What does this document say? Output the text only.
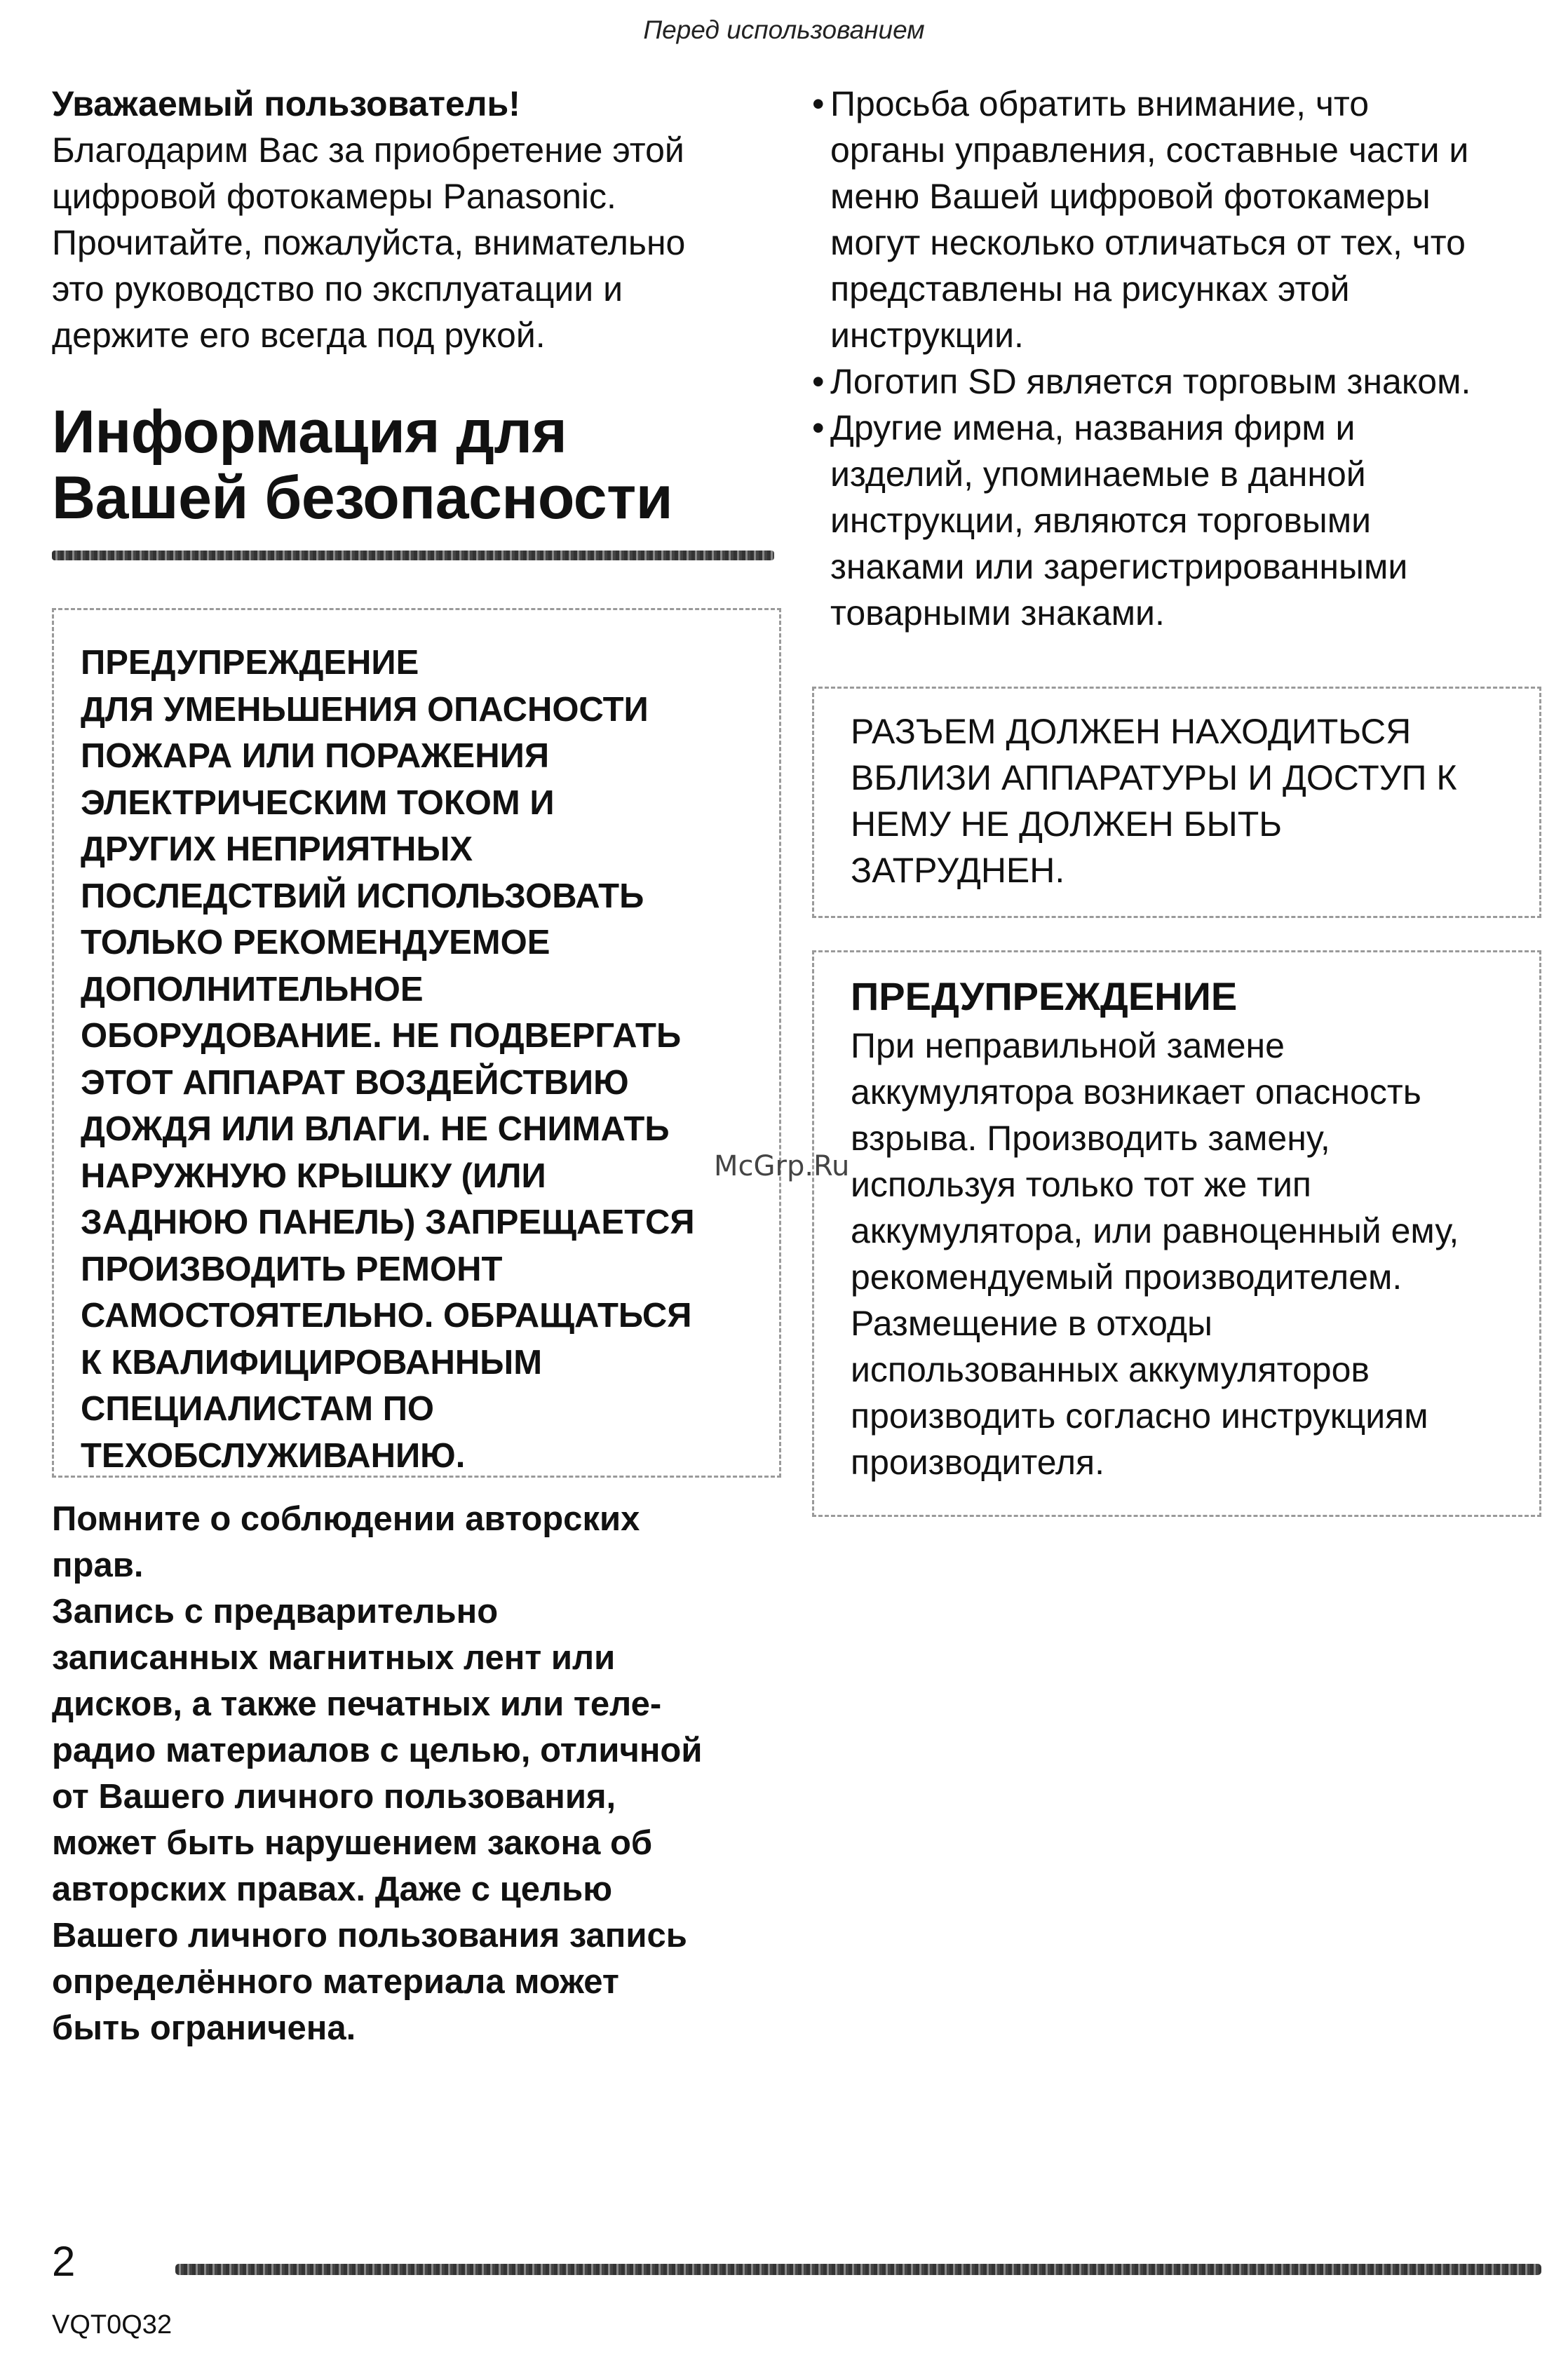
Перед использованием
Уважаемый пользователь!
Благодарим Вас за приобретение этой
цифровой фотокамеры Panasonic.
Прочитайте, пожалуйста, внимательно
это руководство по эксплуатации и
держите его всегда под рукой.
Информация для
Вашей безопасности
ПРЕДУПРЕЖДЕНИЕ
ДЛЯ УМЕНЬШЕНИЯ ОПАСНОСТИ
ПОЖАРА ИЛИ ПОРАЖЕНИЯ
ЭЛЕКТРИЧЕСКИМ ТОКОМ И
ДРУГИХ НЕПРИЯТНЫХ
ПОСЛЕДСТВИЙ ИСПОЛЬЗОВАТЬ
ТОЛЬКО РЕКОМЕНДУЕМОЕ
ДОПОЛНИТЕЛЬНОЕ
ОБОРУДОВАНИЕ. НЕ ПОДВЕРГАТЬ
ЭТОТ АППАРАТ ВОЗДЕЙСТВИЮ
ДОЖДЯ ИЛИ ВЛАГИ. НЕ СНИМАТЬ
НАРУЖНУЮ КРЫШКУ (ИЛИ
ЗАДНЮЮ ПАНЕЛЬ) ЗАПРЕЩАЕТСЯ
ПРОИЗВОДИТЬ РЕМОНТ
САМОСТОЯТЕЛЬНО. ОБРАЩАТЬСЯ
К КВАЛИФИЦИРОВАННЫМ
СПЕЦИАЛИСТАМ ПО
ТЕХОБСЛУЖИВАНИЮ.
Помните о соблюдении авторских
прав.
Запись с предварительно
записанных магнитных лент или
дисков, а также печатных или теле-
радио материалов с целью, отличной
от Вашего личного пользования,
может быть нарушением закона об
авторских правах. Даже с целью
Вашего личного пользования запись
определённого материала может
быть ограничена.
• Просьба обратить внимание, что
органы управления, составные части и
меню Вашей цифровой фотокамеры
могут несколько отличаться от тех, что
представлены на рисунках этой
инструкции.
• Логотип SD является торговым знаком.
• Другие имена, названия фирм и
изделий, упоминаемые в данной
инструкции, являются торговыми
знаками или зарегистрированными
товарными знаками.
РАЗЪЕМ ДОЛЖЕН НАХОДИТЬСЯ
ВБЛИЗИ АППАРАТУРЫ И ДОСТУП К
НЕМУ НЕ ДОЛЖЕН БЫТЬ
ЗАТРУДНЕН.
ПРЕДУПРЕЖДЕНИЕ
При неправильной замене
аккумулятора возникает опасность
взрыва. Производить замену,
используя только тот же тип
аккумулятора, или равноценный ему,
рекомендуемый производителем.
Размещение в отходы
использованных аккумуляторов
производить согласно инструкциям
производителя.
McGrp.Ru
2
VQT0Q32
